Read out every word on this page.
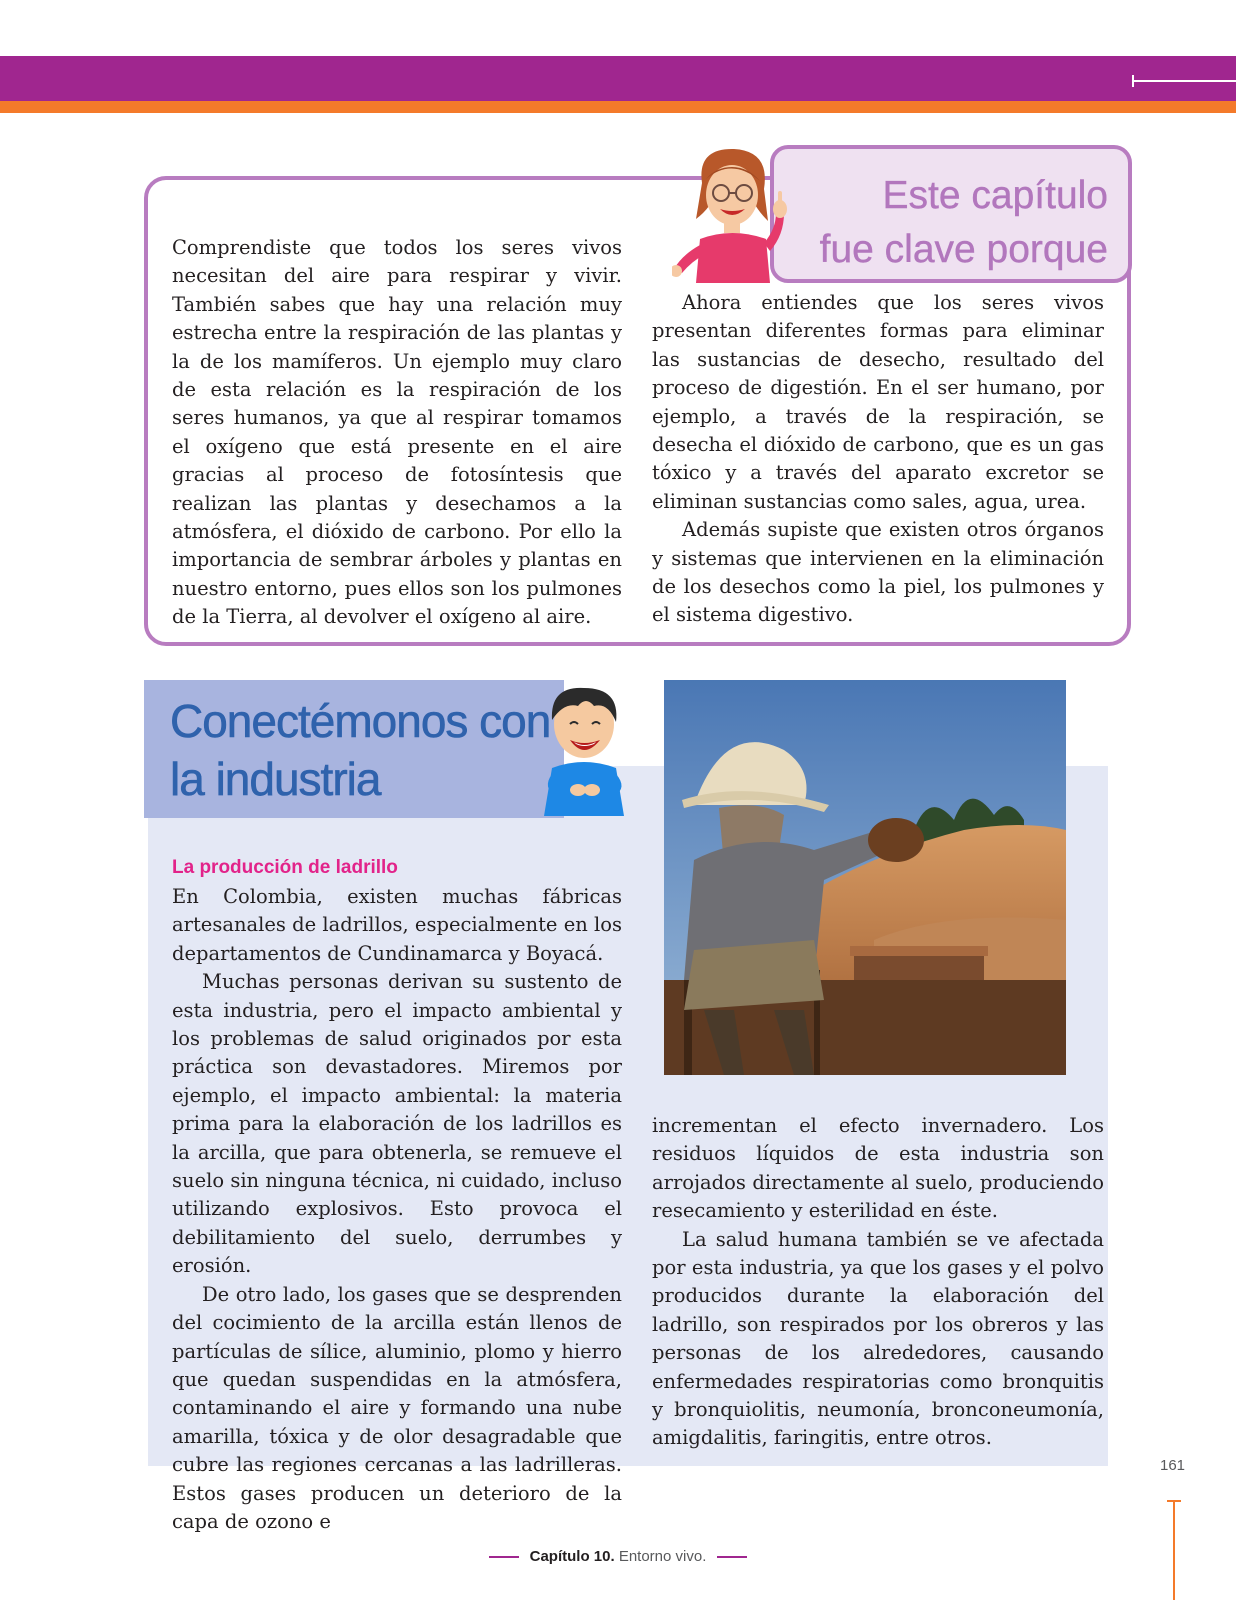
Este capítulo
fue clave porque

Comprendiste que todos los seres vivos necesitan del aire para respirar y vivir. También sabes que hay una relación muy estrecha entre la respiración de las plantas y la de los mamíferos. Un ejemplo muy claro de esta relación es la respiración de los seres humanos, ya que al respirar tomamos el oxígeno que está presente en el aire gracias al proceso de fotosíntesis que realizan las plantas y desechamos a la atmósfera, el dióxido de carbono. Por ello la importancia de sembrar árboles y plantas en nuestro entorno, pues ellos son los pulmones de la Tierra, al devolver el oxígeno al aire.

Ahora entiendes que los seres vivos presentan diferentes formas para eliminar las sustancias de desecho, resultado del proceso de digestión. En el ser humano, por ejemplo, a través de la respiración, se desecha el dióxido de carbono, que es un gas tóxico y a través del aparato excretor se eliminan sustancias como sales, agua, urea.

Además supiste que existen otros órganos y sistemas que intervienen en la eliminación de los desechos como la piel, los pulmones y el sistema digestivo.

Conectémonos con
la industria
La producción de ladrillo

En Colombia, existen muchas fábricas artesanales de ladrillos, especialmente en los departamentos de Cundinamarca y Boyacá.

Muchas personas derivan su sustento de esta industria, pero el impacto ambiental y los problemas de salud originados por esta práctica son devastadores. Miremos por ejemplo, el impacto ambiental: la materia prima para la elaboración de los ladrillos es la arcilla, que para obtenerla, se remueve el suelo sin ninguna técnica, ni cuidado, incluso utilizando explosivos. Esto provoca el debilitamiento del suelo, derrumbes y erosión.

De otro lado, los gases que se desprenden del cocimiento de la arcilla están llenos de partículas de sílice, aluminio, plomo y hierro que quedan suspendidas en la atmósfera, contaminando el aire y formando una nube amarilla, tóxica y de olor desagradable que cubre las regiones cercanas a las ladrilleras. Estos gases producen un deterioro de la capa de ozono e

incrementan el efecto invernadero. Los residuos líquidos de esta industria son arrojados directamente al suelo, produciendo resecamiento y esterilidad en éste.

La salud humana también se ve afectada por esta industria, ya que los gases y el polvo producidos durante la elaboración del ladrillo, son respirados por los obreros y las personas de los alrededores, causando enfermedades respiratorias como bronquitis y bronquiolitis, neumonía, bronconeumonía, amigdalitis, faringitis, entre otros.

161
Capítulo 10. Entorno vivo.
